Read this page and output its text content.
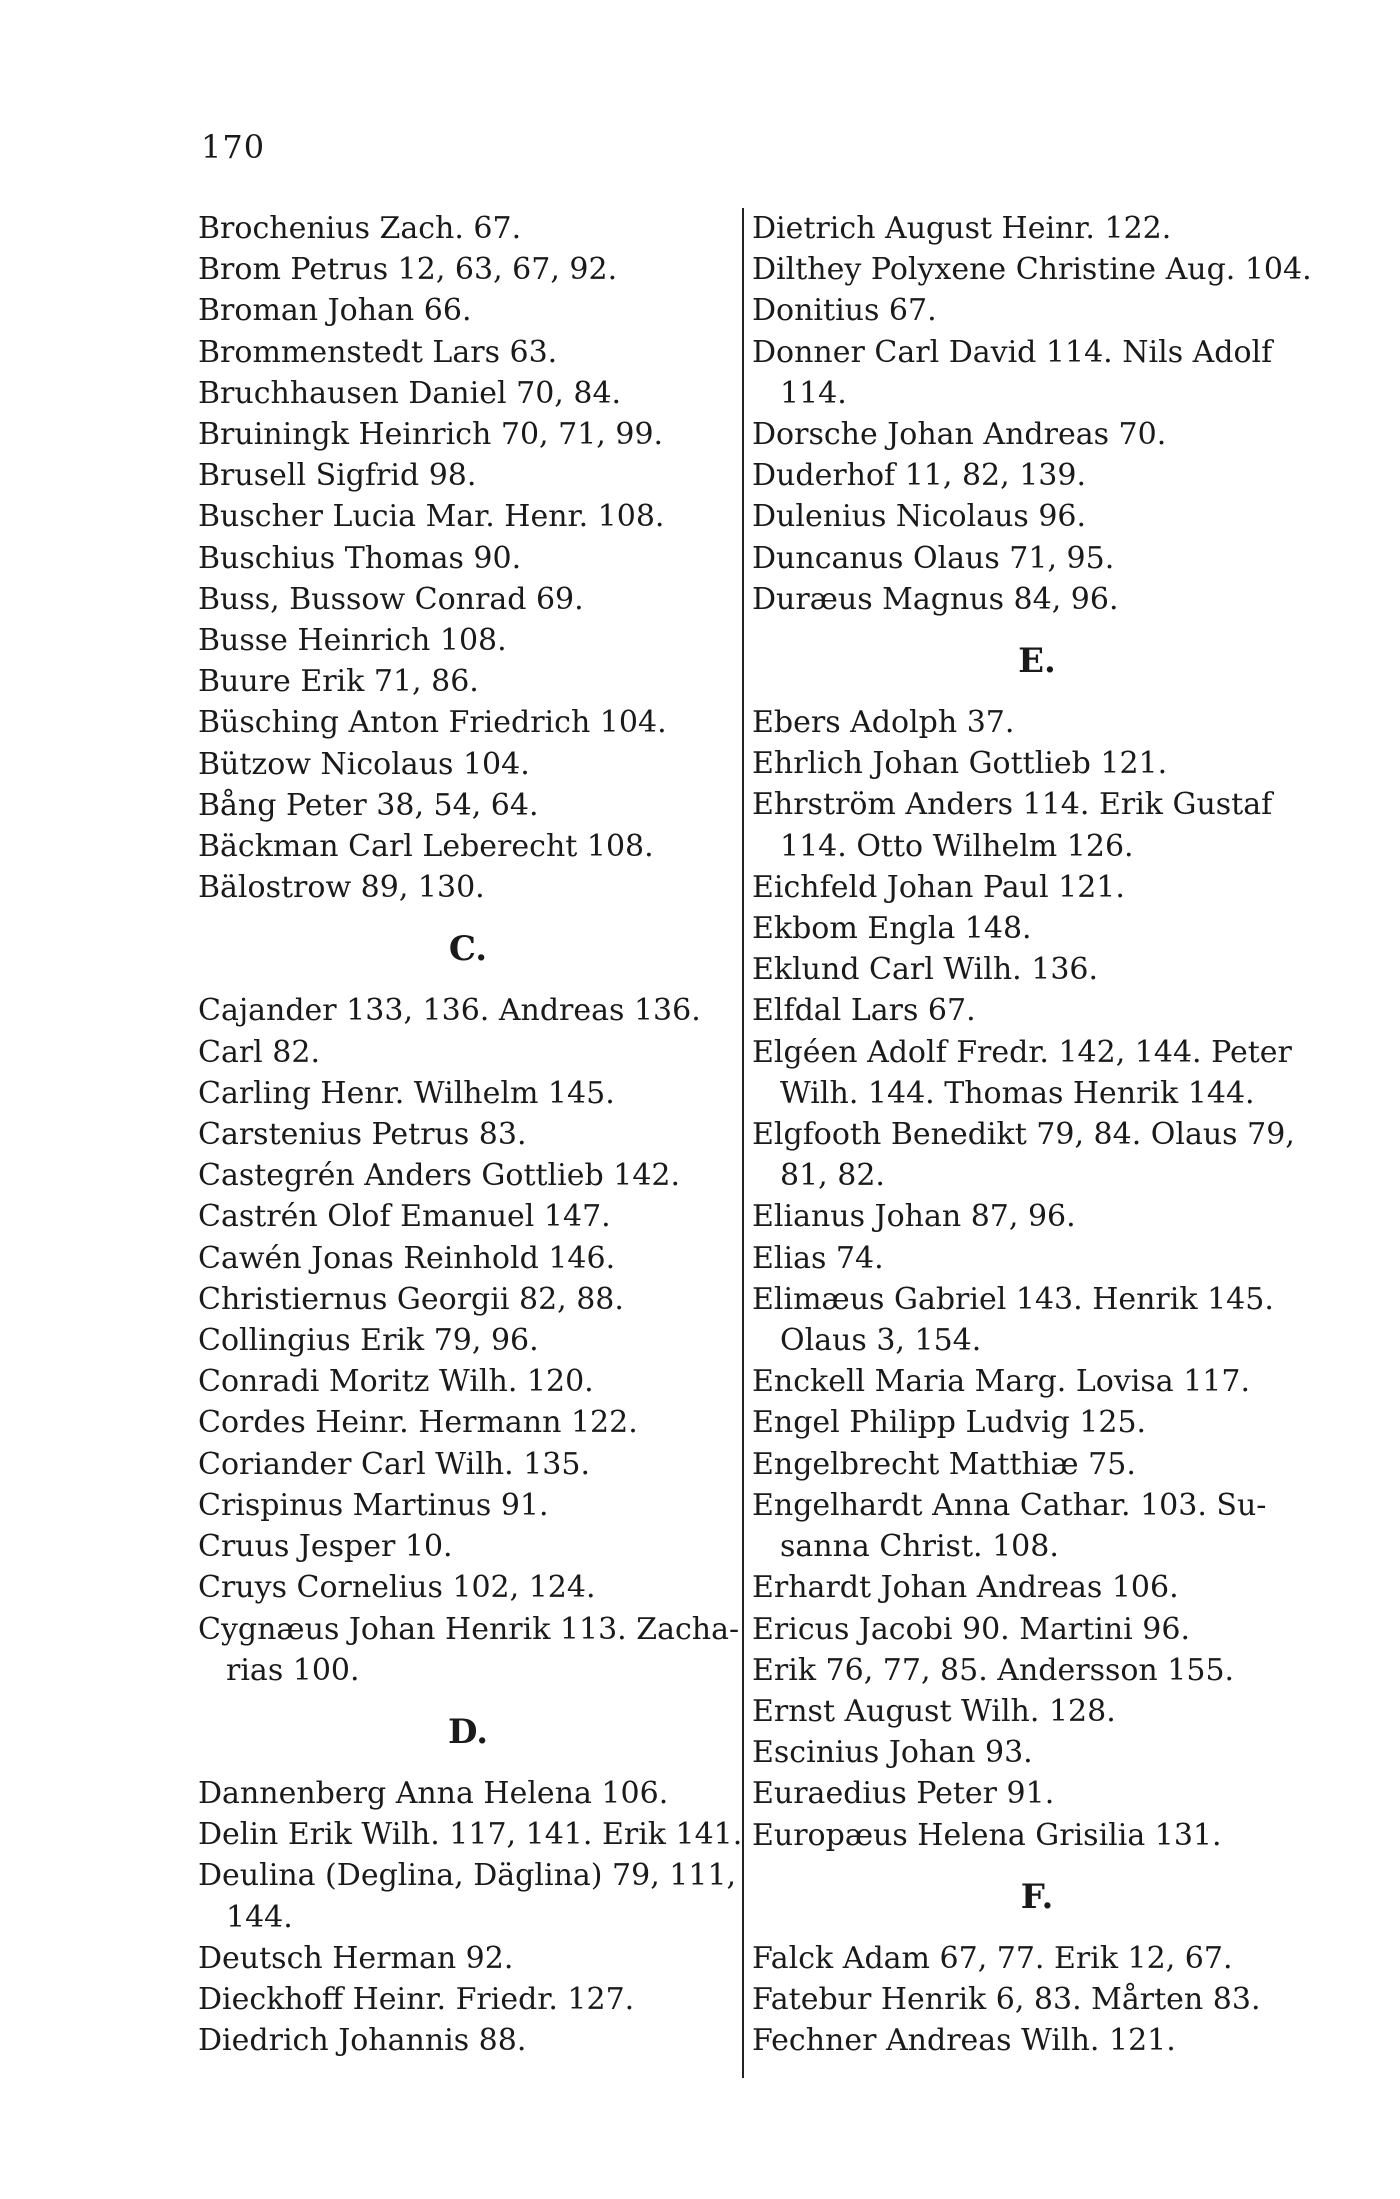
170
Brochenius Zach. 67.
Brom Petrus 12, 63, 67, 92.
Broman Johan 66.
Brommenstedt Lars 63.
Bruchhausen Daniel 70, 84.
Bruiningk Heinrich 70, 71, 99.
Brusell Sigfrid 98.
Buscher Lucia Mar. Henr. 108.
Buschius Thomas 90.
Buss, Bussow Conrad 69.
Busse Heinrich 108.
Buure Erik 71, 86.
Büsching Anton Friedrich 104.
Bützow Nicolaus 104.
Bång Peter 38, 54, 64.
Bäckman Carl Leberecht 108.
Bälostrow 89, 130.
C.
Cajander 133, 136. Andreas 136.
Carl 82.
Carling Henr. Wilhelm 145.
Carstenius Petrus 83.
Castegrén Anders Gottlieb 142.
Castrén Olof Emanuel 147.
Cawén Jonas Reinhold 146.
Christiernus Georgii 82, 88.
Collingius Erik 79, 96.
Conradi Moritz Wilh. 120.
Cordes Heinr. Hermann 122.
Coriander Carl Wilh. 135.
Crispinus Martinus 91.
Cruus Jesper 10.
Cruys Cornelius 102, 124.
Cygnæus Johan Henrik 113. Zacha-
rias 100.
D.
Dannenberg Anna Helena 106.
Delin Erik Wilh. 117, 141. Erik 141.
Deulina (Deglina, Däglina) 79, 111,
144.
Deutsch Herman 92.
Dieckhoff Heinr. Friedr. 127.
Diedrich Johannis 88.
Dietrich August Heinr. 122.
Dilthey Polyxene Christine Aug. 104.
Donitius 67.
Donner Carl David 114. Nils Adolf
114.
Dorsche Johan Andreas 70.
Duderhof 11, 82, 139.
Dulenius Nicolaus 96.
Duncanus Olaus 71, 95.
Duræus Magnus 84, 96.
E.
Ebers Adolph 37.
Ehrlich Johan Gottlieb 121.
Ehrström Anders 114. Erik Gustaf
114. Otto Wilhelm 126.
Eichfeld Johan Paul 121.
Ekbom Engla 148.
Eklund Carl Wilh. 136.
Elfdal Lars 67.
Elgéen Adolf Fredr. 142, 144. Peter
Wilh. 144. Thomas Henrik 144.
Elgfooth Benedikt 79, 84. Olaus 79,
81, 82.
Elianus Johan 87, 96.
Elias 74.
Elimæus Gabriel 143. Henrik 145.
Olaus 3, 154.
Enckell Maria Marg. Lovisa 117.
Engel Philipp Ludvig 125.
Engelbrecht Matthiæ 75.
Engelhardt Anna Cathar. 103. Su-
sanna Christ. 108.
Erhardt Johan Andreas 106.
Ericus Jacobi 90. Martini 96.
Erik 76, 77, 85. Andersson 155.
Ernst August Wilh. 128.
Escinius Johan 93.
Euraedius Peter 91.
Europæus Helena Grisilia 131.
F.
Falck Adam 67, 77. Erik 12, 67.
Fatebur Henrik 6, 83. Mårten 83.
Fechner Andreas Wilh. 121.
